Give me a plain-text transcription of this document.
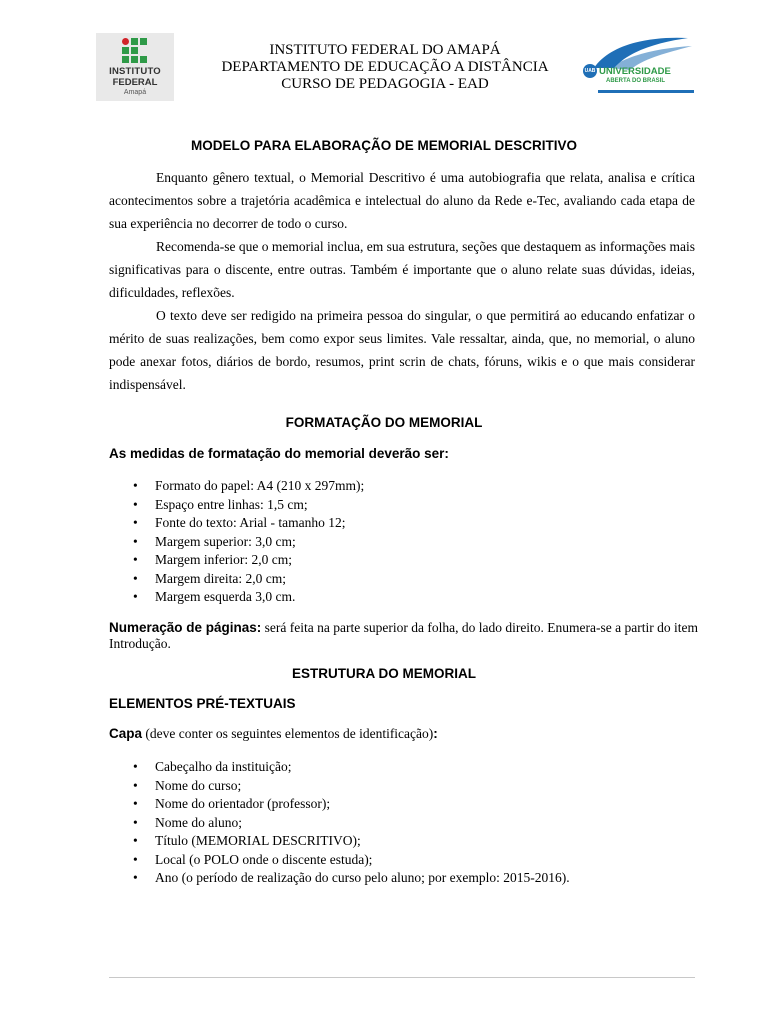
INSTITUTO
FEDERAL
Amapá
INSTITUTO FEDERAL DO AMAPÁ
DEPARTAMENTO DE EDUCAÇÃO A DISTÂNCIA
CURSO DE PEDAGOGIA - EAD
UAB UNIVERSIDADE
ABERTA DO BRASIL
MODELO PARA ELABORAÇÃO DE MEMORIAL DESCRITIVO
Enquanto gênero textual, o Memorial Descritivo é uma autobiografia que relata, analisa e crítica acontecimentos sobre a trajetória acadêmica e intelectual do aluno da Rede e-Tec, avaliando cada etapa de sua experiência no decorrer de todo o curso.
Recomenda-se que o memorial inclua, em sua estrutura, seções que destaquem as informações mais significativas para o discente, entre outras. Também é importante que o aluno relate suas dúvidas, ideias, dificuldades, reflexões.
O texto deve ser redigido na primeira pessoa do singular, o que permitirá ao educando enfatizar o mérito de suas realizações, bem como expor seus limites. Vale ressaltar, ainda, que, no memorial, o aluno pode anexar fotos, diários de bordo, resumos, print scrin de chats, fóruns, wikis e o que mais considerar indispensável.
FORMATAÇÃO DO MEMORIAL
As medidas de formatação do memorial deverão ser:
• Formato do papel: A4 (210 x 297mm);
• Espaço entre linhas: 1,5 cm;
• Fonte do texto: Arial - tamanho 12;
• Margem superior: 3,0 cm;
• Margem inferior: 2,0 cm;
• Margem direita: 2,0 cm;
• Margem esquerda 3,0 cm.
Numeração de páginas: será feita na parte superior da folha, do lado direito. Enumera-se a partir do item Introdução.
ESTRUTURA DO MEMORIAL
ELEMENTOS PRÉ-TEXTUAIS
Capa (deve conter os seguintes elementos de identificação):
• Cabeçalho da instituição;
• Nome do curso;
• Nome do orientador (professor);
• Nome do aluno;
• Título (MEMORIAL DESCRITIVO);
• Local (o POLO onde o discente estuda);
• Ano (o período de realização do curso pelo aluno; por exemplo: 2015-2016).
